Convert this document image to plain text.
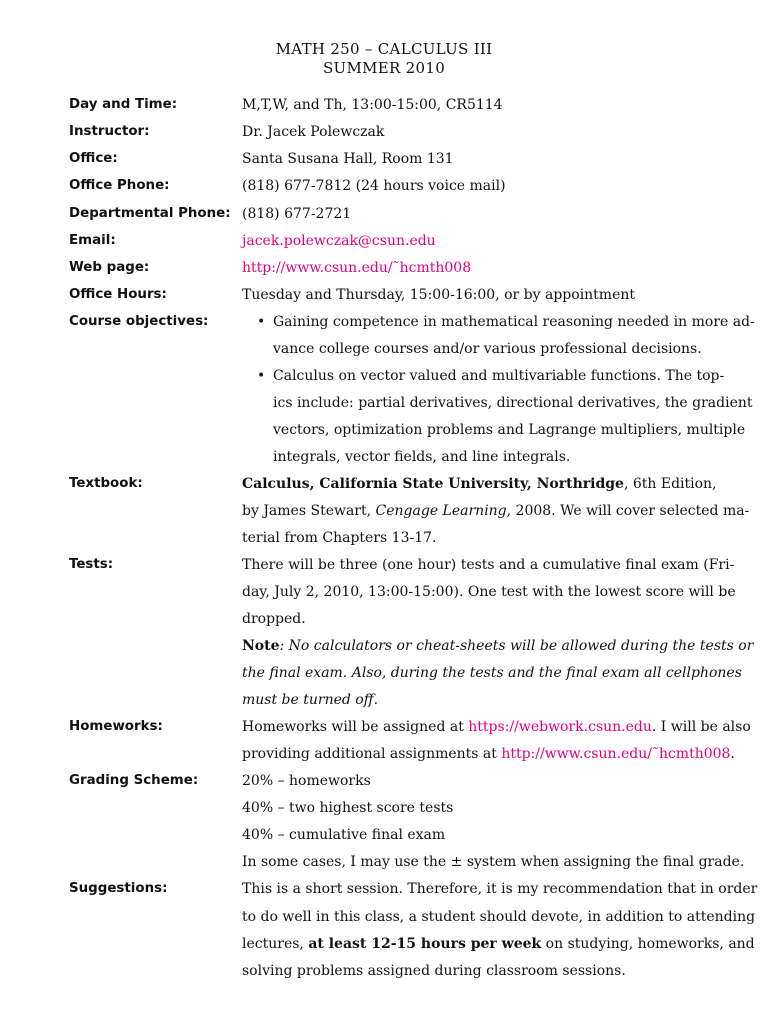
MATH 250 – CALCULUS III
SUMMER 2010
Day and Time:	M,T,W, and Th, 13:00-15:00, CR5114
Instructor:	Dr. Jacek Polewczak
Office:	Santa Susana Hall, Room 131
Office Phone:	(818) 677-7812 (24 hours voice mail)
Departmental Phone: (818) 677-2721
Email:	jacek.polewczak@csun.edu
Web page:	http://www.csun.edu/˜hcmth008
Office Hours:	Tuesday and Thursday, 15:00-16:00, or by appointment
Course objectives:	• Gaining competence in mathematical reasoning needed in more ad-
vance college courses and/or various professional decisions.
• Calculus on vector valued and multivariable functions. The top-
ics include: partial derivatives, directional derivatives, the gradient
vectors, optimization problems and Lagrange multipliers, multiple
integrals, vector fields, and line integrals.
Textbook:	Calculus, California State University, Northridge, 6th Edition,
by James Stewart, Cengage Learning, 2008. We will cover selected ma-
terial from Chapters 13-17.
Tests:	There will be three (one hour) tests and a cumulative final exam (Fri-
day, July 2, 2010, 13:00-15:00). One test with the lowest score will be
dropped.
Note: No calculators or cheat-sheets will be allowed during the tests or
the final exam. Also, during the tests and the final exam all cellphones
must be turned off.
Homeworks:	Homeworks will be assigned at https://webwork.csun.edu. I will be also
providing additional assignments at http://www.csun.edu/˜hcmth008.
Grading Scheme:	20% – homeworks
40% – two highest score tests
40% – cumulative final exam
In some cases, I may use the ± system when assigning the final grade.
Suggestions:	This is a short session. Therefore, it is my recommendation that in order
to do well in this class, a student should devote, in addition to attending
lectures, at least 12-15 hours per week on studying, homeworks, and
solving problems assigned during classroom sessions.
